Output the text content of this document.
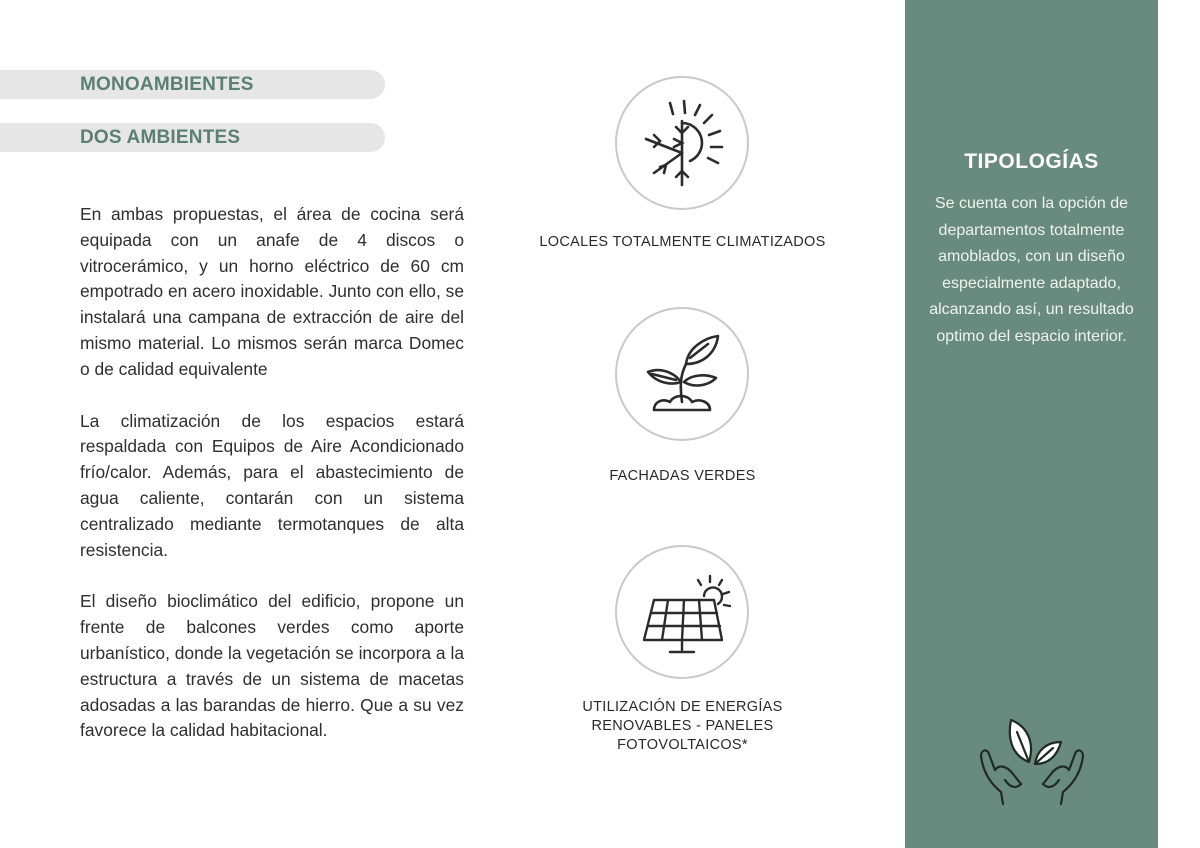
MONOAMBIENTES
DOS AMBIENTES

En ambas propuestas, el área de cocina será equipada con un anafe de 4 discos o vitrocerámico, y un horno eléctrico de 60 cm empotrado en acero inoxidable. Junto con ello, se instalará una campana de extracción de aire del mismo material. Lo mismos serán marca Domec o de calidad equivalente

La climatización de los espacios estará respaldada con Equipos de Aire Acondicionado frío/calor. Además, para el abastecimiento de agua caliente, contarán con un sistema centralizado mediante termotanques de alta resistencia.

El diseño bioclimático del edificio, propone un frente de balcones verdes como aporte urbanístico, donde la vegetación se incorpora a la estructura a través de un sistema de macetas adosadas a las barandas de hierro. Que a su vez favorece la calidad habitacional.

LOCALES TOTALMENTE CLIMATIZADOS
FACHADAS VERDES
UTILIZACIÓN DE ENERGÍAS
RENOVABLES - PANELES
FOTOVOLTAICOS*
TIPOLOGÍAS

Se cuenta con la opción de departamentos totalmente amoblados, con un diseño especialmente adaptado, alcanzando así, un resultado optimo del espacio interior.
